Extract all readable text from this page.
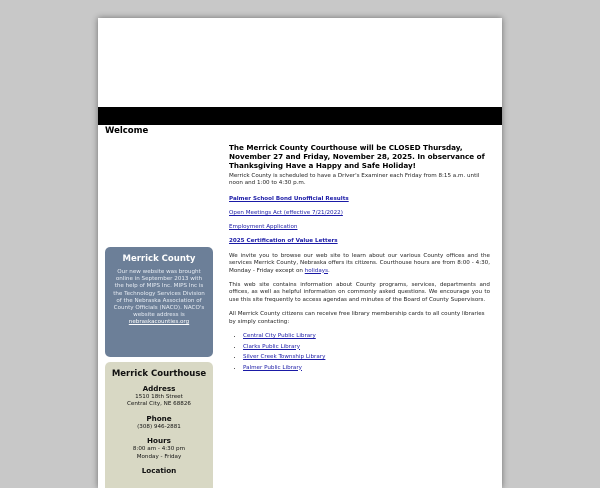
Welcome
Merrick County
Our new website was brought online in September 2013 with the help of MIPS Inc. MIPS Inc is the Technology Services Division of the Nebraska Association of County Officials (NACO). NACO's website address is nebraskacounties.org
Merrick Courthouse
Address
1510 18th Street
Central City, NE 68826
Phone
(308) 946-2881
Hours
8:00 am - 4:30 pm
Monday - Friday
Location
The Merrick County Courthouse will be CLOSED Thursday, November 27 and Friday, November 28, 2025. In observance of Thanksgiving Have a Happy and Safe Holiday!
Merrick County is scheduled to have a Driver's Examiner each Friday from 8:15 a.m. until noon and 1:00 to 4:30 p.m.
Palmer School Bond Unofficial Results
Open Meetings Act (effective 7/21/2022)
Employment Application
2025 Certification of Value Letters
We invite you to browse our web site to learn about our various County offices and the services Merrick County, Nebraska offers its citizens. Courthouse hours are from 8:00 - 4:30, Monday - Friday except on holidays.
This web site contains information about County programs, services, departments and offices, as well as helpful information on commonly asked questions. We encourage you to use this site frequently to access agendas and minutes of the Board of County Supervisors.
All Merrick County citizens can receive free library membership cards to all county libraries by simply contacting:
• Central City Public Library
• Clarks Public Library
• Silver Creek Township Library
• Palmer Public Library
